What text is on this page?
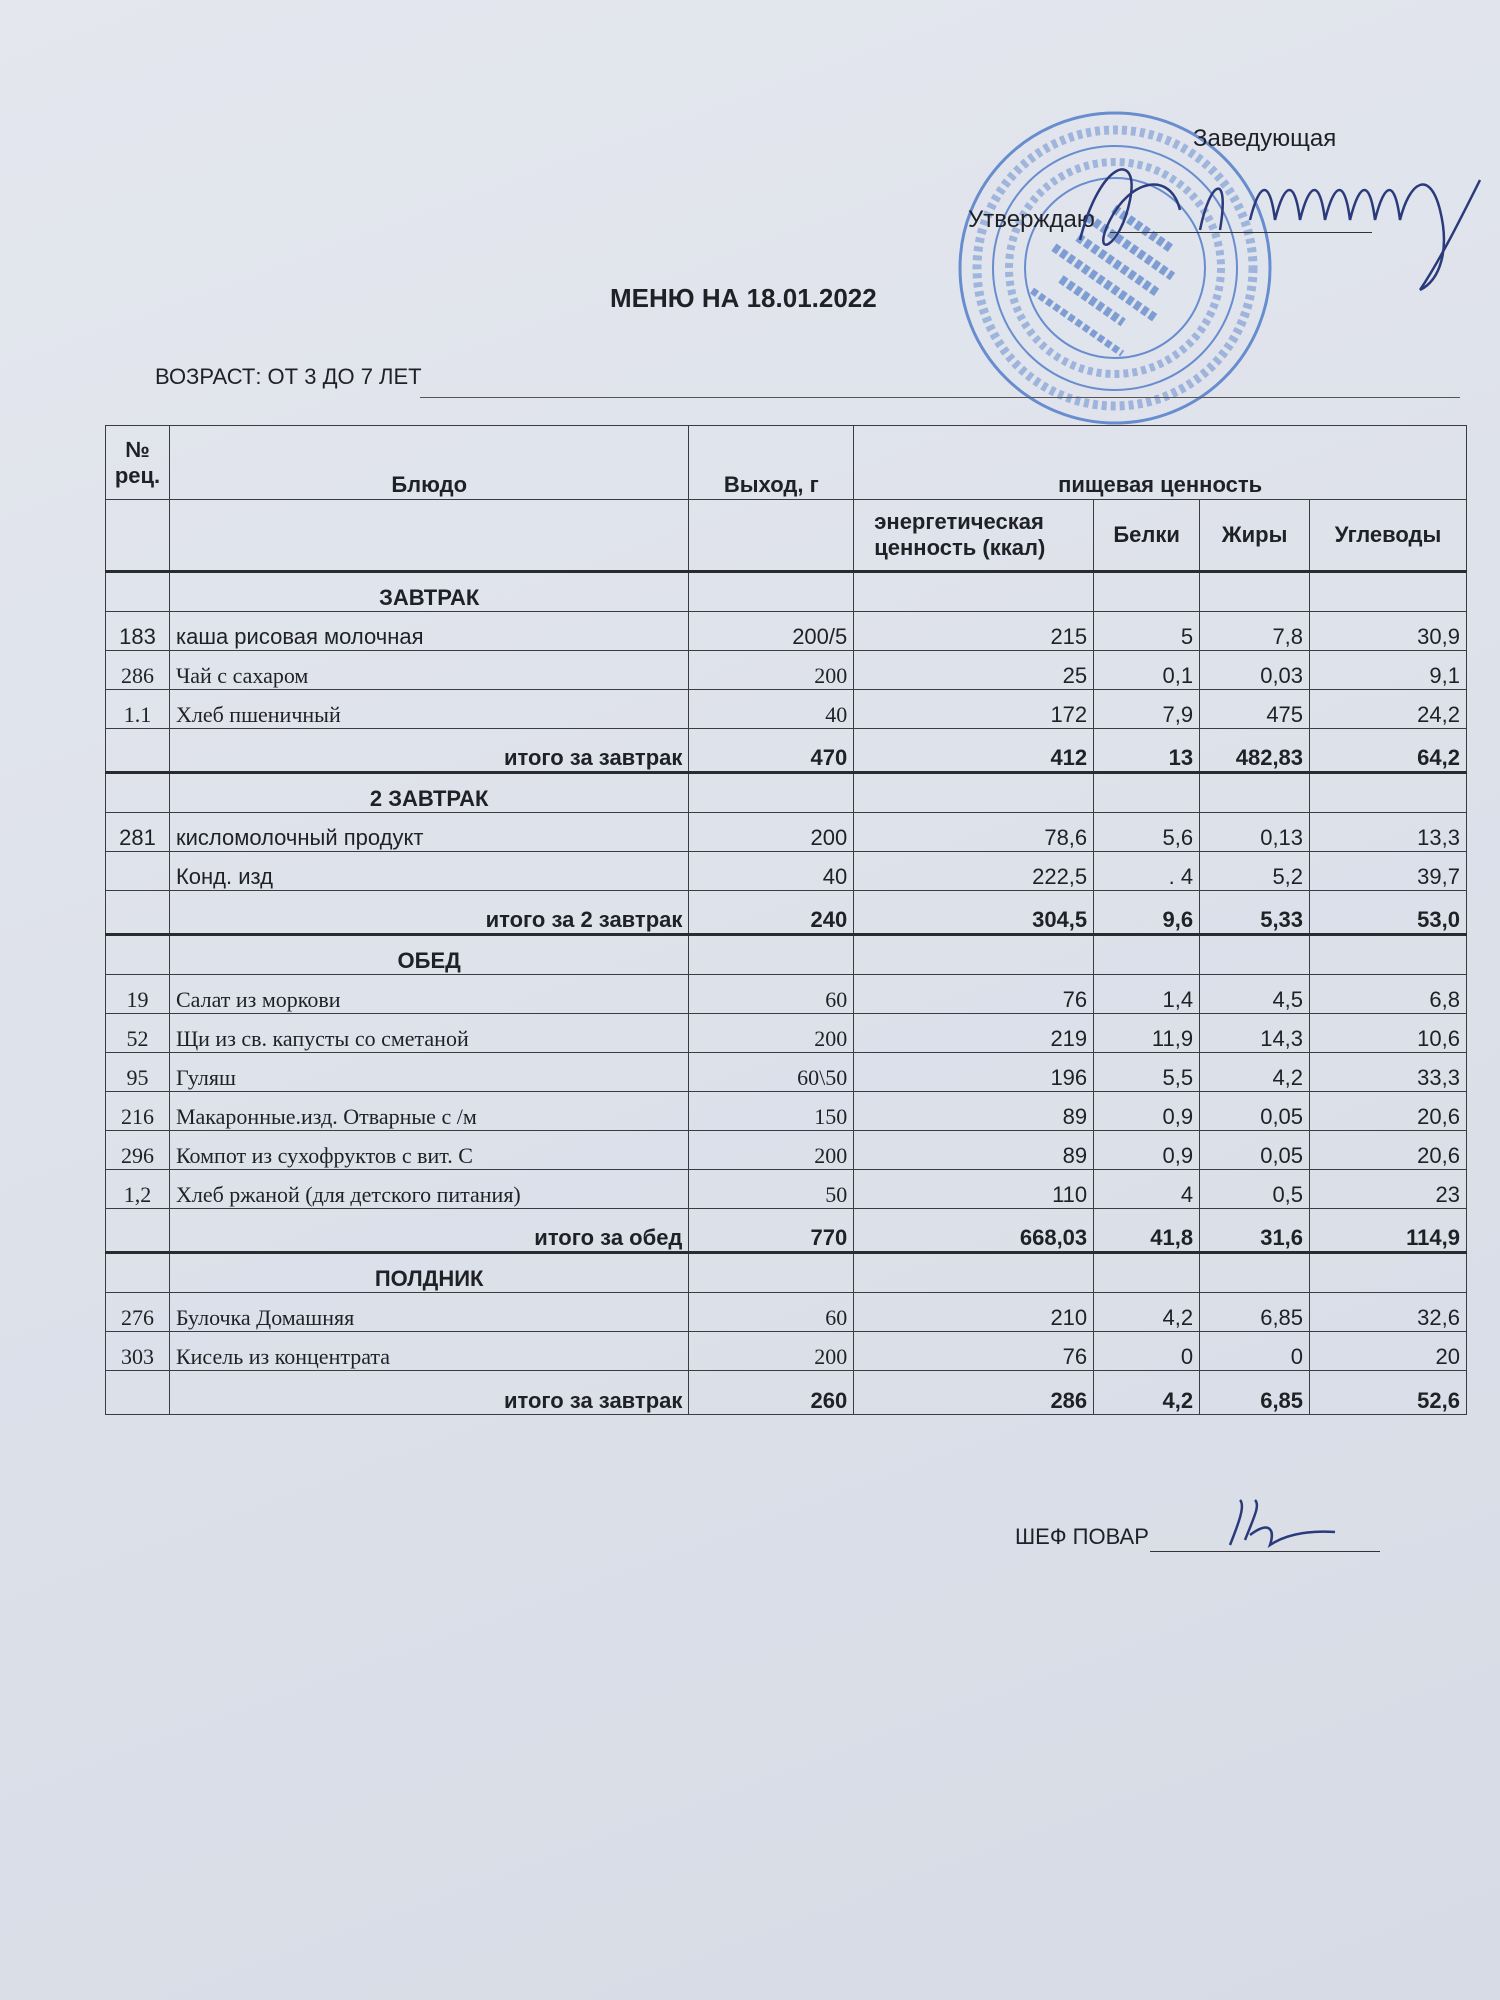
Заведующая
Утверждаю
МЕНЮ НА 18.01.2022
ВОЗРАСТ: ОТ 3 ДО 7 ЛЕТ
№ рец.	Блюдо	Выход, г	пищевая ценность			
			энергетическая ценность (ккал)	Белки	Жиры	Углеводы
	ЗАВТРАК					
183	каша рисовая молочная	200/5	215	5	7,8	30,9
286	Чай с сахаром	200	25	0,1	0,03	9,1
1.1	Хлеб пшеничный	40	172	7,9	475	24,2
	итого за завтрак	470	412	13	482,83	64,2
	2 ЗАВТРАК					
281	кисломолочный продукт	200	78,6	5,6	0,13	13,3
	Конд. изд	40	222,5	. 4	5,2	39,7
	итого за 2 завтрак	240	304,5	9,6	5,33	53,0
	ОБЕД					
19	Салат из моркови	60	76	1,4	4,5	6,8
52	Щи из св. капусты со сметаной	200	219	11,9	14,3	10,6
95	Гуляш	60\50	196	5,5	4,2	33,3
216	Макаронные.изд. Отварные с /м	150	89	0,9	0,05	20,6
296	Компот из сухофруктов с вит. С	200	89	0,9	0,05	20,6
1,2	Хлеб ржаной (для детского питания)	50	110	4	0,5	23
	итого за обед	770	668,03	41,8	31,6	114,9
	ПОЛДНИК					
276	Булочка Домашняя	60	210	4,2	6,85	32,6
303	Кисель из концентрата	200	76	0	0	20
	итого за завтрак	260	286	4,2	6,85	52,6
ШЕФ ПОВАР
